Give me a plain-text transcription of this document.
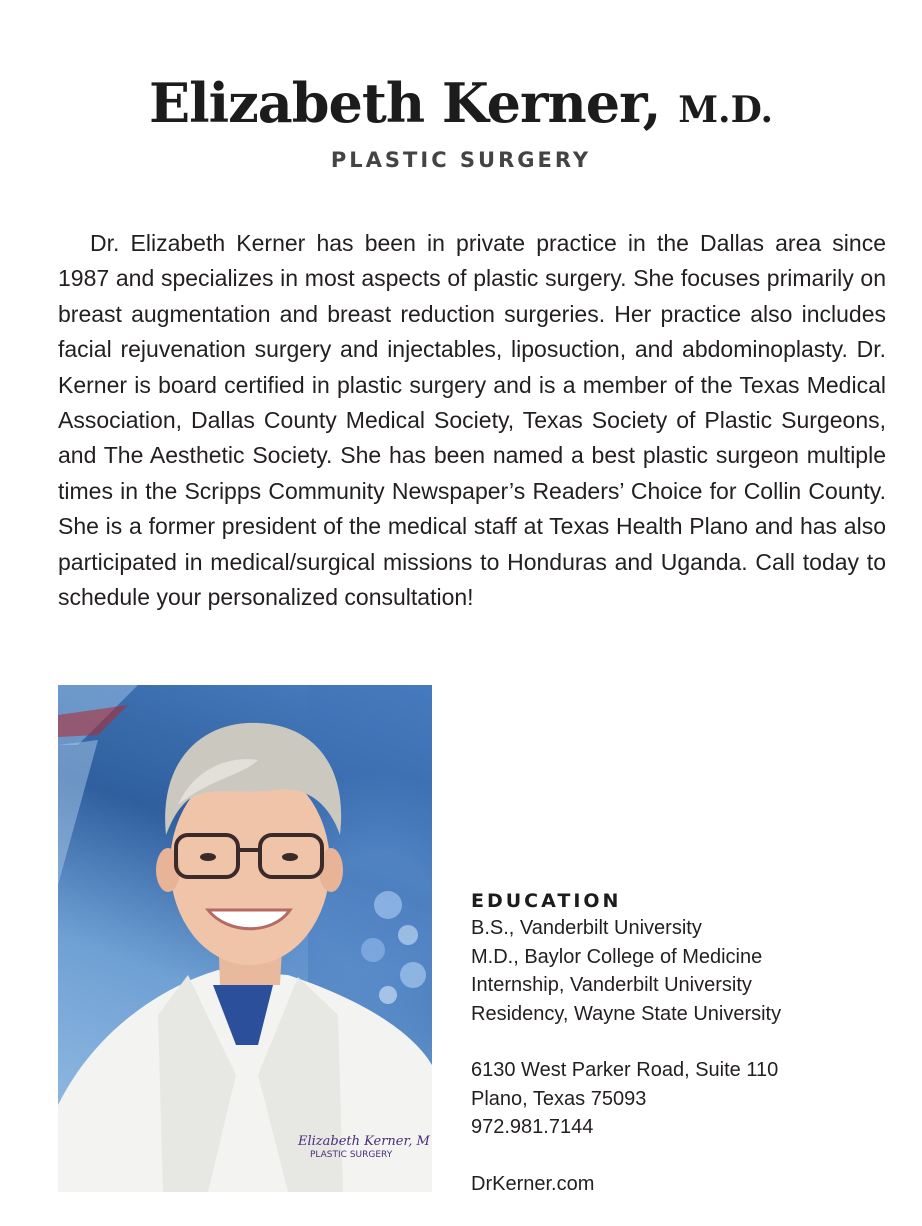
Elizabeth Kerner, M.D.
PLASTIC SURGERY

Dr. Elizabeth Kerner has been in private practice in the Dallas area since 1987 and specializes in most aspects of plastic surgery. She focuses primarily on breast augmentation and breast reduction surgeries. Her practice also includes facial rejuvenation surgery and injectables, liposuction, and abdominoplasty. Dr. Kerner is board certified in plastic surgery and is a member of the Texas Medical Association, Dallas County Medical Society, Texas Society of Plastic Surgeons, and The Aesthetic Society. She has been named a best plastic surgeon multiple times in the Scripps Community Newspaper’s Readers’ Choice for Collin County. She is a former president of the medical staff at Texas Health Plano and has also participated in medical/surgical missions to Honduras and Uganda. Call today to schedule your personalized consultation!

Elizabeth Kerner, M
PLASTIC SURGERY
EDUCATION
B.S., Vanderbilt University
M.D., Baylor College of Medicine
Internship, Vanderbilt University
Residency, Wayne State University
6130 West Parker Road, Suite 110
Plano, Texas 75093
972.981.7144
DrKerner.com
